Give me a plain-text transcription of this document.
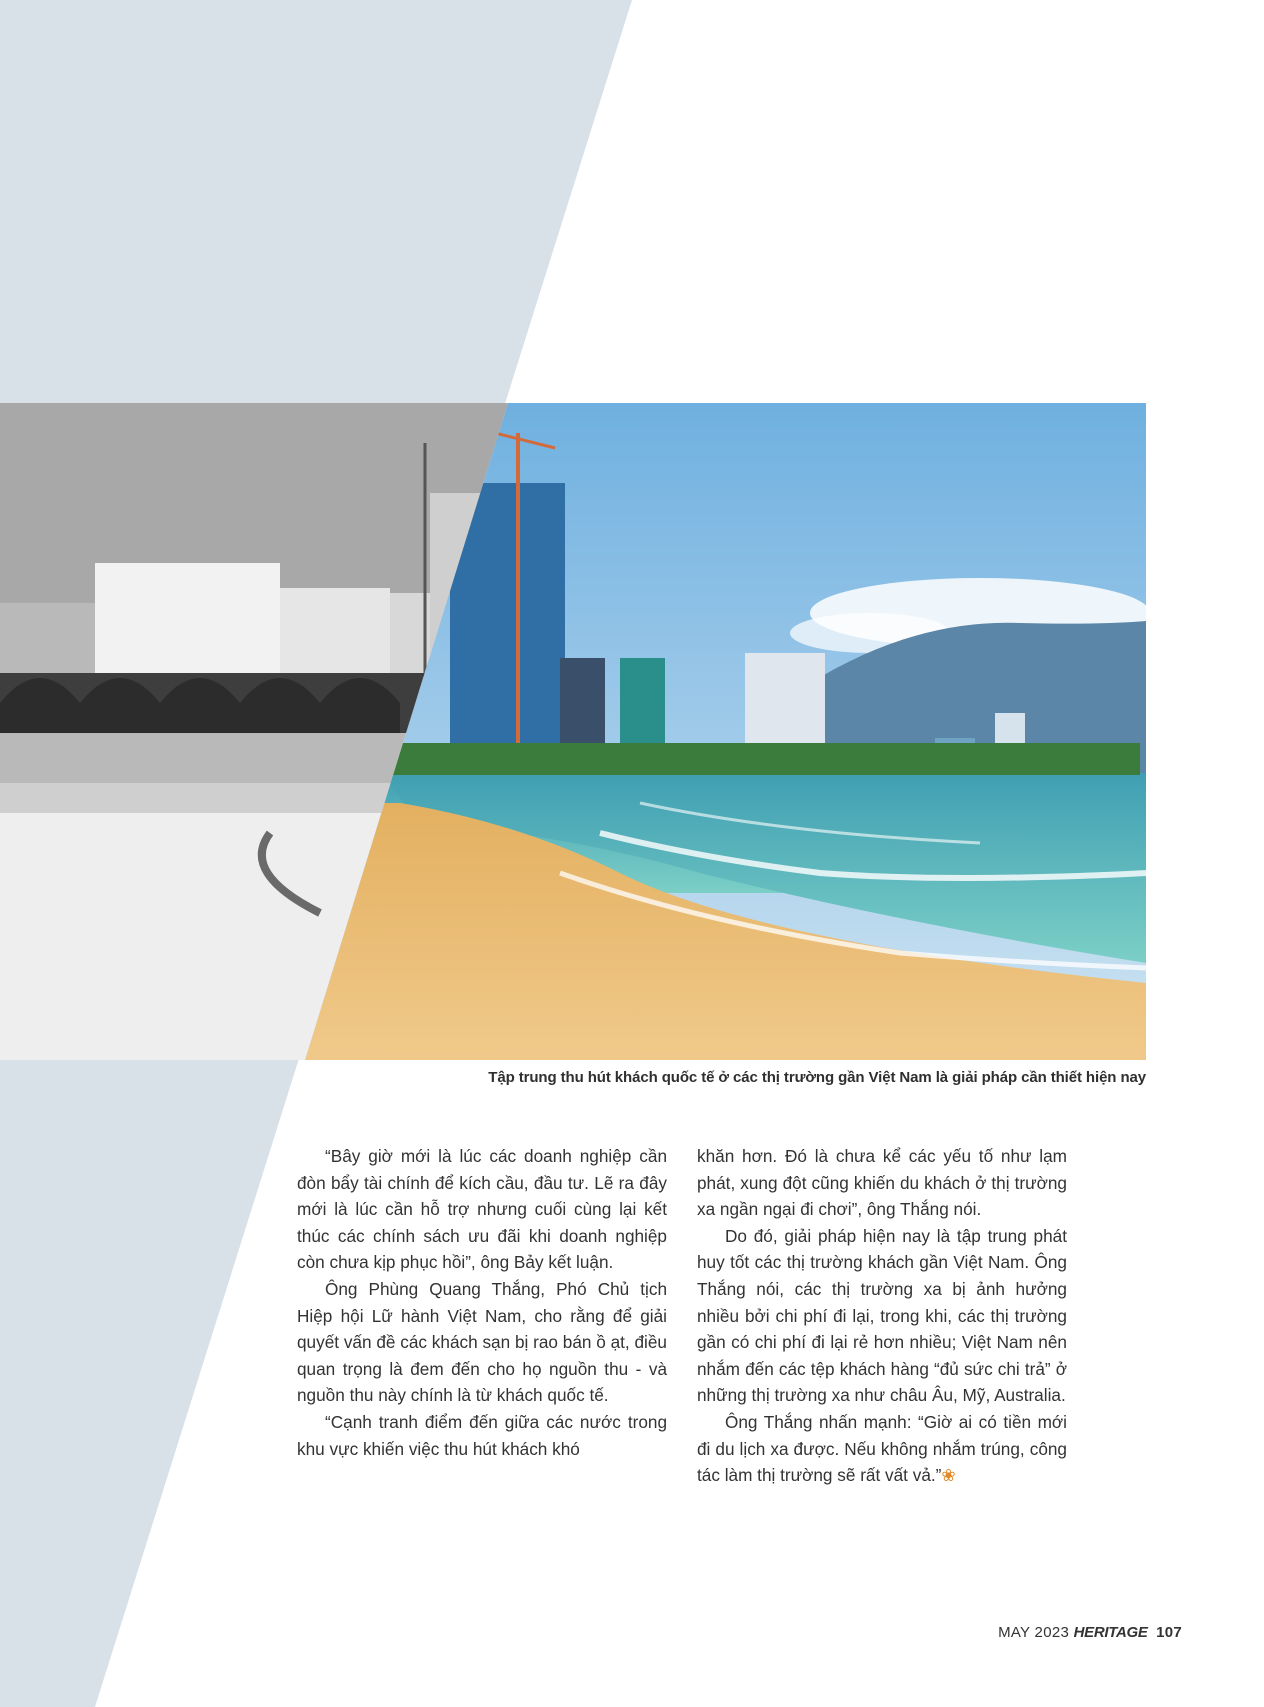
Tập trung thu hút khách quốc tế ở các thị trường gần Việt Nam là giải pháp cần thiết hiện nay

“Bây giờ mới là lúc các doanh nghiệp cần đòn bẩy tài chính để kích cầu, đầu tư. Lẽ ra đây mới là lúc cần hỗ trợ nhưng cuối cùng lại kết thúc các chính sách ưu đãi khi doanh nghiệp còn chưa kịp phục hồi”, ông Bảy kết luận.

Ông Phùng Quang Thắng, Phó Chủ tịch Hiệp hội Lữ hành Việt Nam, cho rằng để giải quyết vấn đề các khách sạn bị rao bán ồ ạt, điều quan trọng là đem đến cho họ nguồn thu - và nguồn thu này chính là từ khách quốc tế.

“Cạnh tranh điểm đến giữa các nước trong khu vực khiến việc thu hút khách khó

khăn hơn. Đó là chưa kể các yếu tố như lạm phát, xung đột cũng khiến du khách ở thị trường xa ngần ngại đi chơi”, ông Thắng nói.

Do đó, giải pháp hiện nay là tập trung phát huy tốt các thị trường khách gần Việt Nam. Ông Thắng nói, các thị trường xa bị ảnh hưởng nhiều bởi chi phí đi lại, trong khi, các thị trường gần có chi phí đi lại rẻ hơn nhiều; Việt Nam nên nhắm đến các tệp khách hàng “đủ sức chi trả” ở những thị trường xa như châu Âu, Mỹ, Australia.

Ông Thắng nhấn mạnh: “Giờ ai có tiền mới đi du lịch xa được. Nếu không nhắm trúng, công tác làm thị trường sẽ rất vất vả.”❀

MAY 2023 HERITAGE 107
